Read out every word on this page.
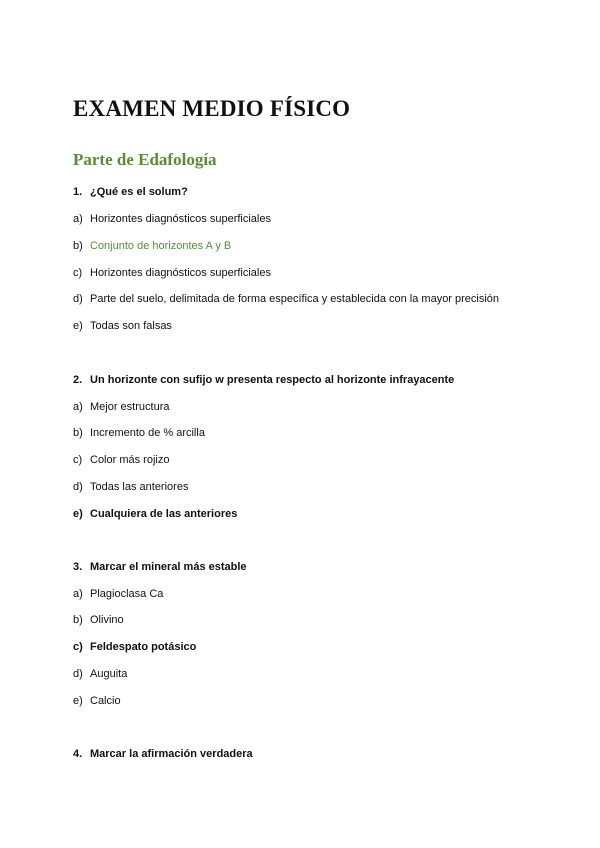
EXAMEN MEDIO FÍSICO
Parte de Edafología
1. ¿Qué es el solum?
a) Horizontes diagnósticos superficiales
b) Conjunto de horizontes A y B
c) Horizontes diagnósticos superficiales
d) Parte del suelo, delimitada de forma específica y establecida con la mayor precisión
e) Todas son falsas
2. Un horizonte con sufijo w presenta respecto al horizonte infrayacente
a) Mejor estructura
b) Incremento de % arcilla
c) Color más rojizo
d) Todas las anteriores
e) Cualquiera de las anteriores
3. Marcar el mineral más estable
a) Plagioclasa Ca
b) Olivino
c) Feldespato potásico
d) Auguita
e) Calcio
4. Marcar la afirmación verdadera
